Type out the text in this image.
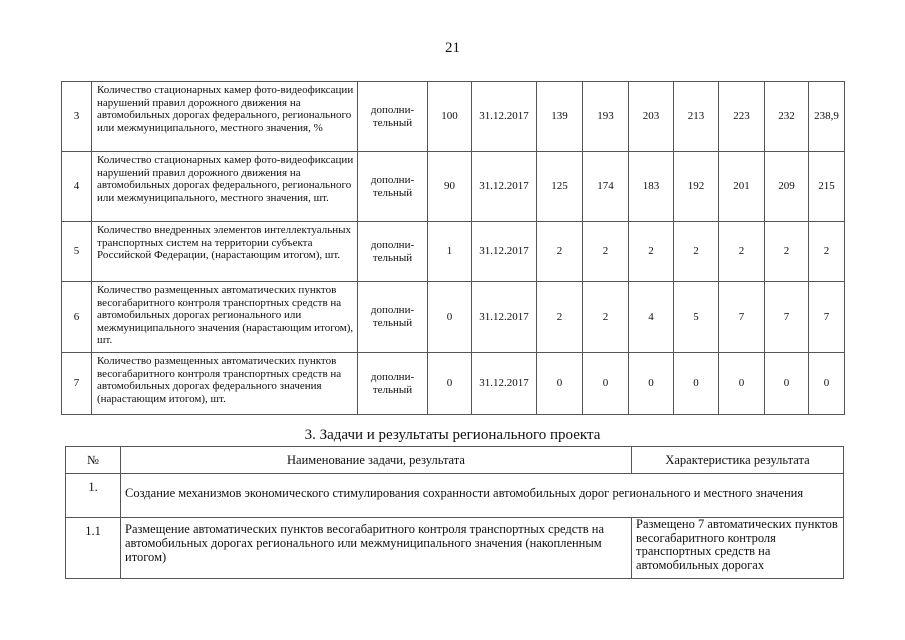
21
3	Количество стационарных камер фото-видеофиксации нарушений правил дорожного движения на автомобильных дорогах федерального, регионального или межмуниципального, местного значения, %	дополни-тельный	100	31.12.2017	139	193	203	213	223	232	238,9
4	Количество стационарных камер фото-видеофиксации нарушений правил дорожного движения на автомобильных дорогах федерального, регионального или межмуниципального, местного значения, шт.	дополни-тельный	90	31.12.2017	125	174	183	192	201	209	215
5	Количество внедренных элементов интеллектуальных транспортных систем на территории субъекта Российской Федерации, (нарастающим итогом), шт.	дополни-тельный	1	31.12.2017	2	2	2	2	2	2	2
6	Количество размещенных автоматических пунктов весогабаритного контроля транспортных средств на автомобильных дорогах регионального или межмуниципального значения (нарастающим итогом), шт.	дополни-тельный	0	31.12.2017	2	2	4	5	7	7	7
7	Количество размещенных автоматических пунктов весогабаритного контроля транспортных средств на автомобильных дорогах федерального значения (нарастающим итогом), шт.	дополни-тельный	0	31.12.2017	0	0	0	0	0	0	0
3. Задачи и результаты регионального проекта
№	Наименование задачи, результата	Характеристика результата
1.	Создание механизмов экономического стимулирования сохранности автомобильных дорог регионального и местного значения	
1.1	Размещение автоматических пунктов весогабаритного контроля транспортных средств на автомобильных дорогах регионального или межмуниципального значения (накопленным итогом)	Размещено 7 автоматических пунктов весогабаритного контроля транспортных средств на автомобильных дорогах
